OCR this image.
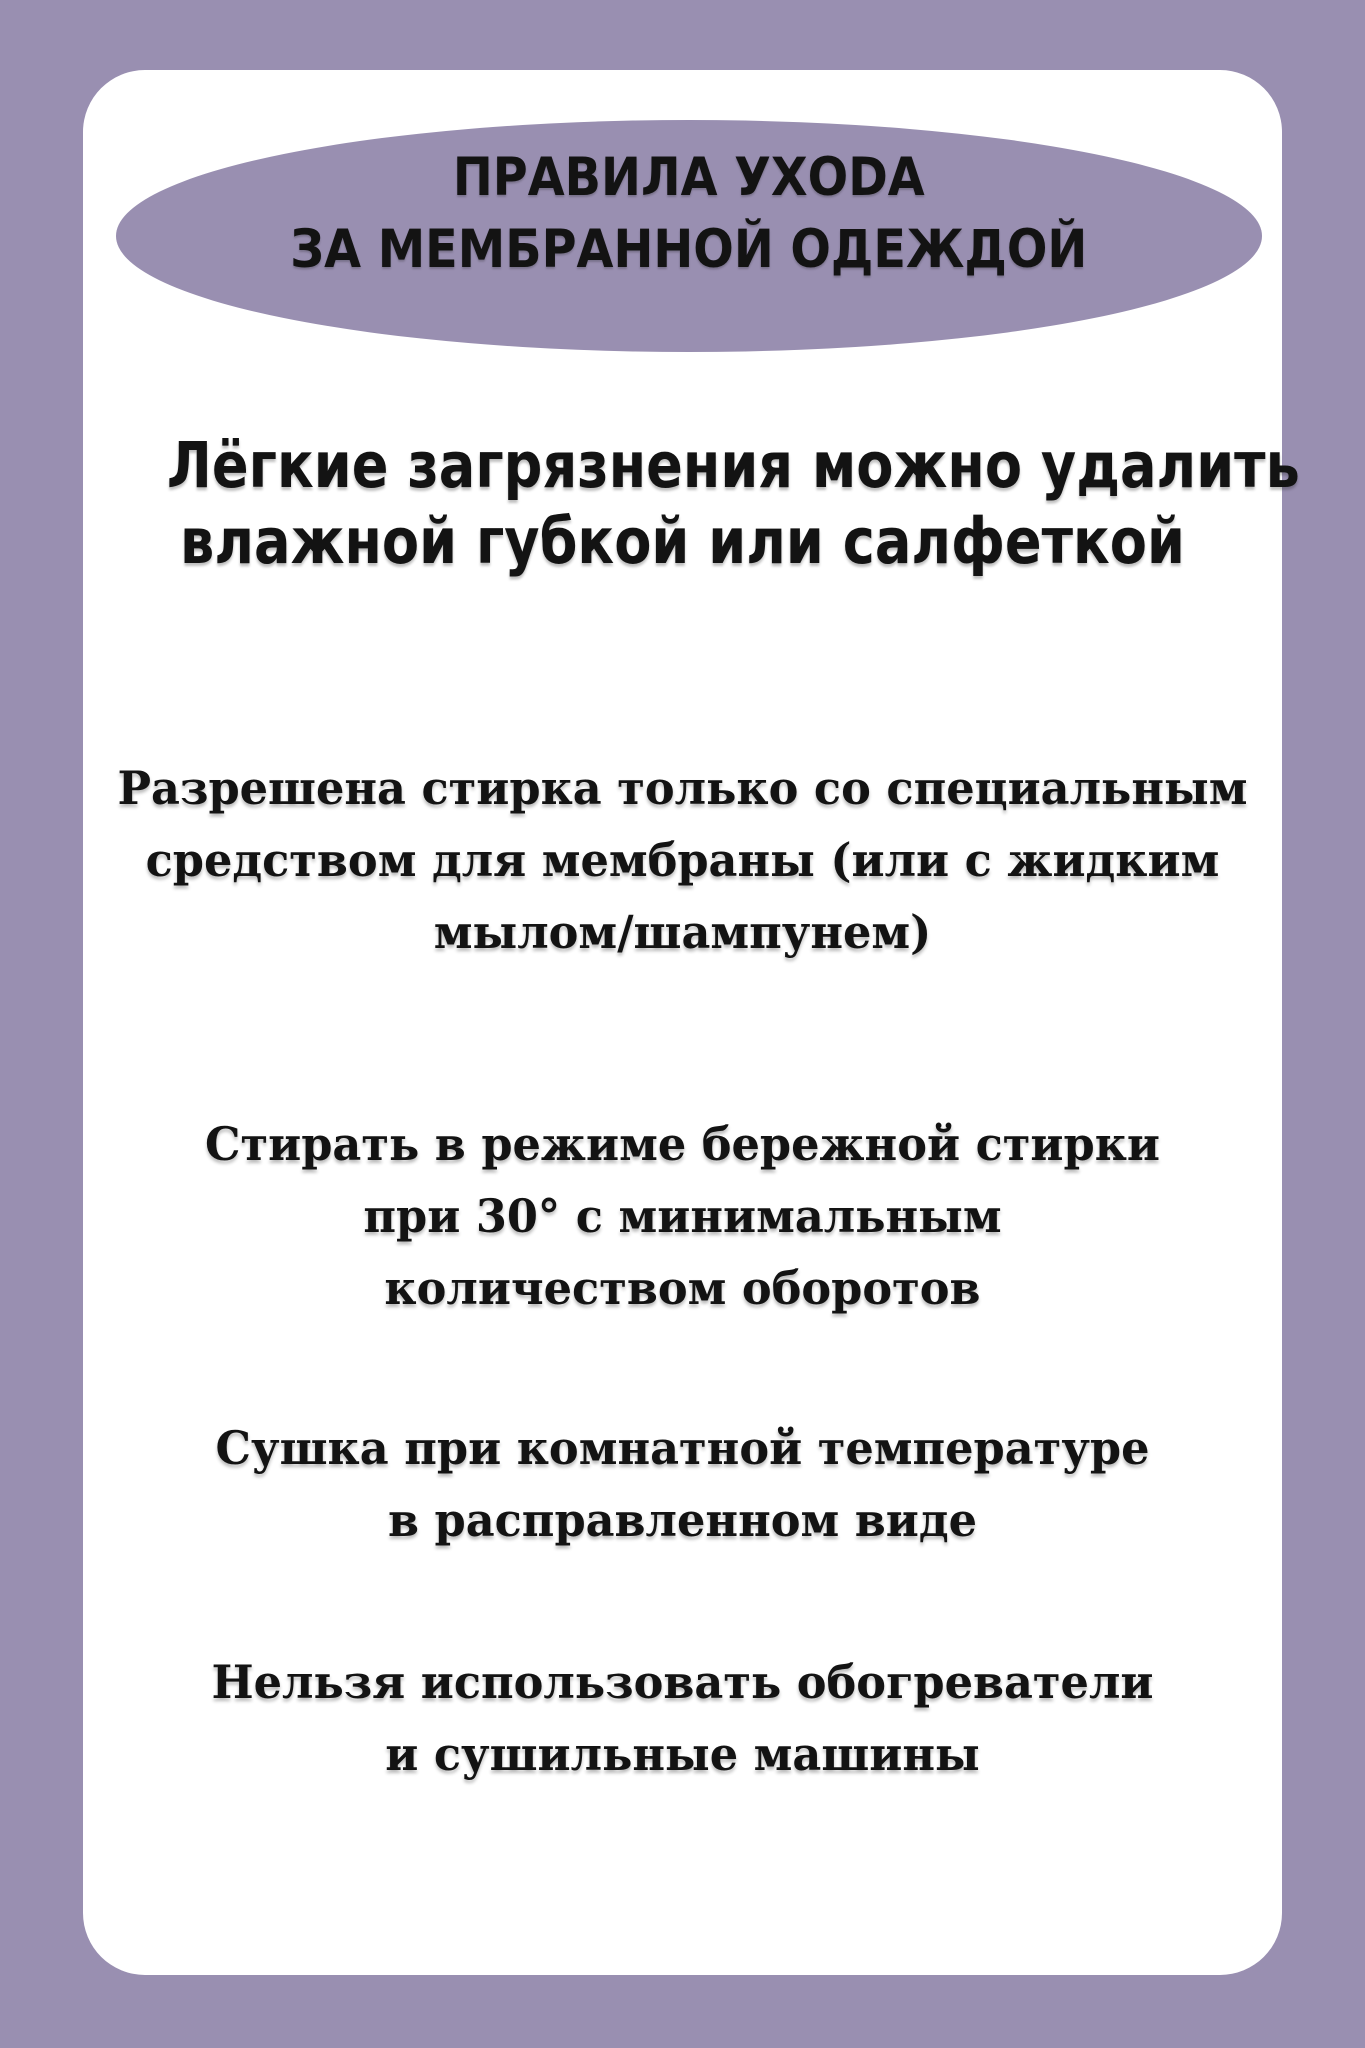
ПРАВИЛА УХОDА
ЗА МЕМБРАННОЙ ОДЕЖДОЙ
Лёгкие загрязнения можно удалить
влажной губкой или салфеткой
Разрешена стирка только со специальным
средством для мембраны (или с жидким
мылом/шампунем)
Стирать в режиме бережной стирки
при 30° с минимальным
количеством оборотов
Сушка при комнатной температуре
в расправленном виде
Нельзя использовать обогреватели
и сушильные машины
